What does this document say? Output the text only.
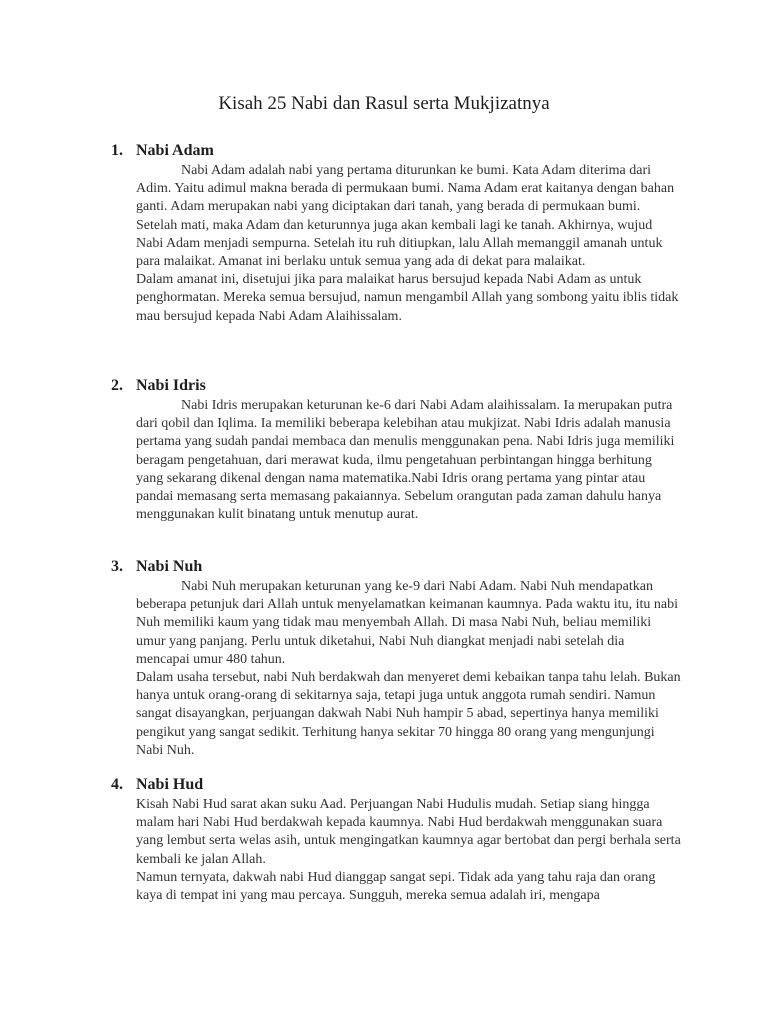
Kisah 25 Nabi dan Rasul serta Mukjizatnya
1. Nabi Adam

Nabi Adam adalah nabi yang pertama diturunkan ke bumi. Kata Adam diterima dari Adim. Yaitu adimul makna berada di permukaan bumi. Nama Adam erat kaitanya dengan bahan ganti. Adam merupakan nabi yang diciptakan dari tanah, yang berada di permukaan bumi.

Setelah mati, maka Adam dan keturunnya juga akan kembali lagi ke tanah. Akhirnya, wujud Nabi Adam menjadi sempurna. Setelah itu ruh ditiupkan, lalu Allah memanggil amanah untuk para malaikat. Amanat ini berlaku untuk semua yang ada di dekat para malaikat.

Dalam amanat ini, disetujui jika para malaikat harus bersujud kepada Nabi Adam as untuk penghormatan. Mereka semua bersujud, namun mengambil Allah yang sombong yaitu iblis tidak mau bersujud kepada Nabi Adam Alaihissalam.

2. Nabi Idris

Nabi Idris merupakan keturunan ke-6 dari Nabi Adam alaihissalam. Ia merupakan putra dari qobil dan Iqlima. Ia memiliki beberapa kelebihan atau mukjizat. Nabi Idris adalah manusia pertama yang sudah pandai membaca dan menulis menggunakan pena. Nabi Idris juga memiliki beragam pengetahuan, dari merawat kuda, ilmu pengetahuan perbintangan hingga berhitung yang sekarang dikenal dengan nama matematika.Nabi Idris orang pertama yang pintar atau pandai memasang serta memasang pakaiannya. Sebelum orangutan pada zaman dahulu hanya menggunakan kulit binatang untuk menutup aurat.

3. Nabi Nuh

Nabi Nuh merupakan keturunan yang ke-9 dari Nabi Adam. Nabi Nuh mendapatkan beberapa petunjuk dari Allah untuk menyelamatkan keimanan kaumnya. Pada waktu itu, itu nabi Nuh memiliki kaum yang tidak mau menyembah Allah. Di masa Nabi Nuh, beliau memiliki umur yang panjang. Perlu untuk diketahui, Nabi Nuh diangkat menjadi nabi setelah dia mencapai umur 480 tahun.

Dalam usaha tersebut, nabi Nuh berdakwah dan menyeret demi kebaikan tanpa tahu lelah. Bukan hanya untuk orang-orang di sekitarnya saja, tetapi juga untuk anggota rumah sendiri. Namun sangat disayangkan, perjuangan dakwah Nabi Nuh hampir 5 abad, sepertinya hanya memiliki pengikut yang sangat sedikit. Terhitung hanya sekitar 70 hingga 80 orang yang mengunjungi Nabi Nuh.

4. Nabi Hud

Kisah Nabi Hud sarat akan suku Aad. Perjuangan Nabi Hudulis mudah. Setiap siang hingga malam hari Nabi Hud berdakwah kepada kaumnya. Nabi Hud berdakwah menggunakan suara yang lembut serta welas asih, untuk mengingatkan kaumnya agar bertobat dan pergi berhala serta kembali ke jalan Allah.

Namun ternyata, dakwah nabi Hud dianggap sangat sepi. Tidak ada yang tahu raja dan orang kaya di tempat ini yang mau percaya. Sungguh, mereka semua adalah iri, mengapa
